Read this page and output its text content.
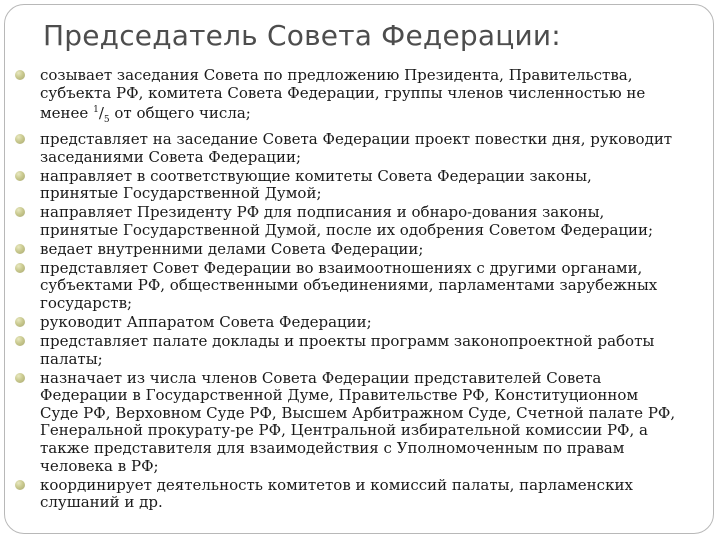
Председатель Совета Федерации:
созывает заседания Совета по предложению Президента, Правительства,
субъекта РФ, комитета Совета Федерации, группы членов численностью не
менее $^1/_5$ от общего числа;
представляет на заседание Совета Федерации проект повестки дня, руководит
заседаниями Совета Федерации;
направляет в соответствующие комитеты Совета Федерации законы,
принятые Государственной Думой;
направляет Президенту РФ для подписания и обнаро-дования законы,
принятые Государственной Думой, после их одобрения Советом Федерации;
ведает внутренними делами Совета Федерации;
представляет Совет Федерации во взаимоотношениях с другими органами,
субъектами РФ, общественными объединениями, парламентами зарубежных
государств;
руководит Аппаратом Совета Федерации;
представляет палате доклады и проекты программ законопроектной работы
палаты;
назначает из числа членов Совета Федерации представителей Совета
Федерации в Государственной Думе, Правительстве РФ, Конституционном
Суде РФ, Верховном Суде РФ, Высшем Арбитражном Суде, Счетной палате РФ,
Генеральной прокурату-ре РФ, Центральной избирательной комиссии РФ, а
также представителя для взаимодействия с Уполномоченным по правам
человека в РФ;
координирует деятельность комитетов и комиссий палаты, парламенских
слушаний и др.
